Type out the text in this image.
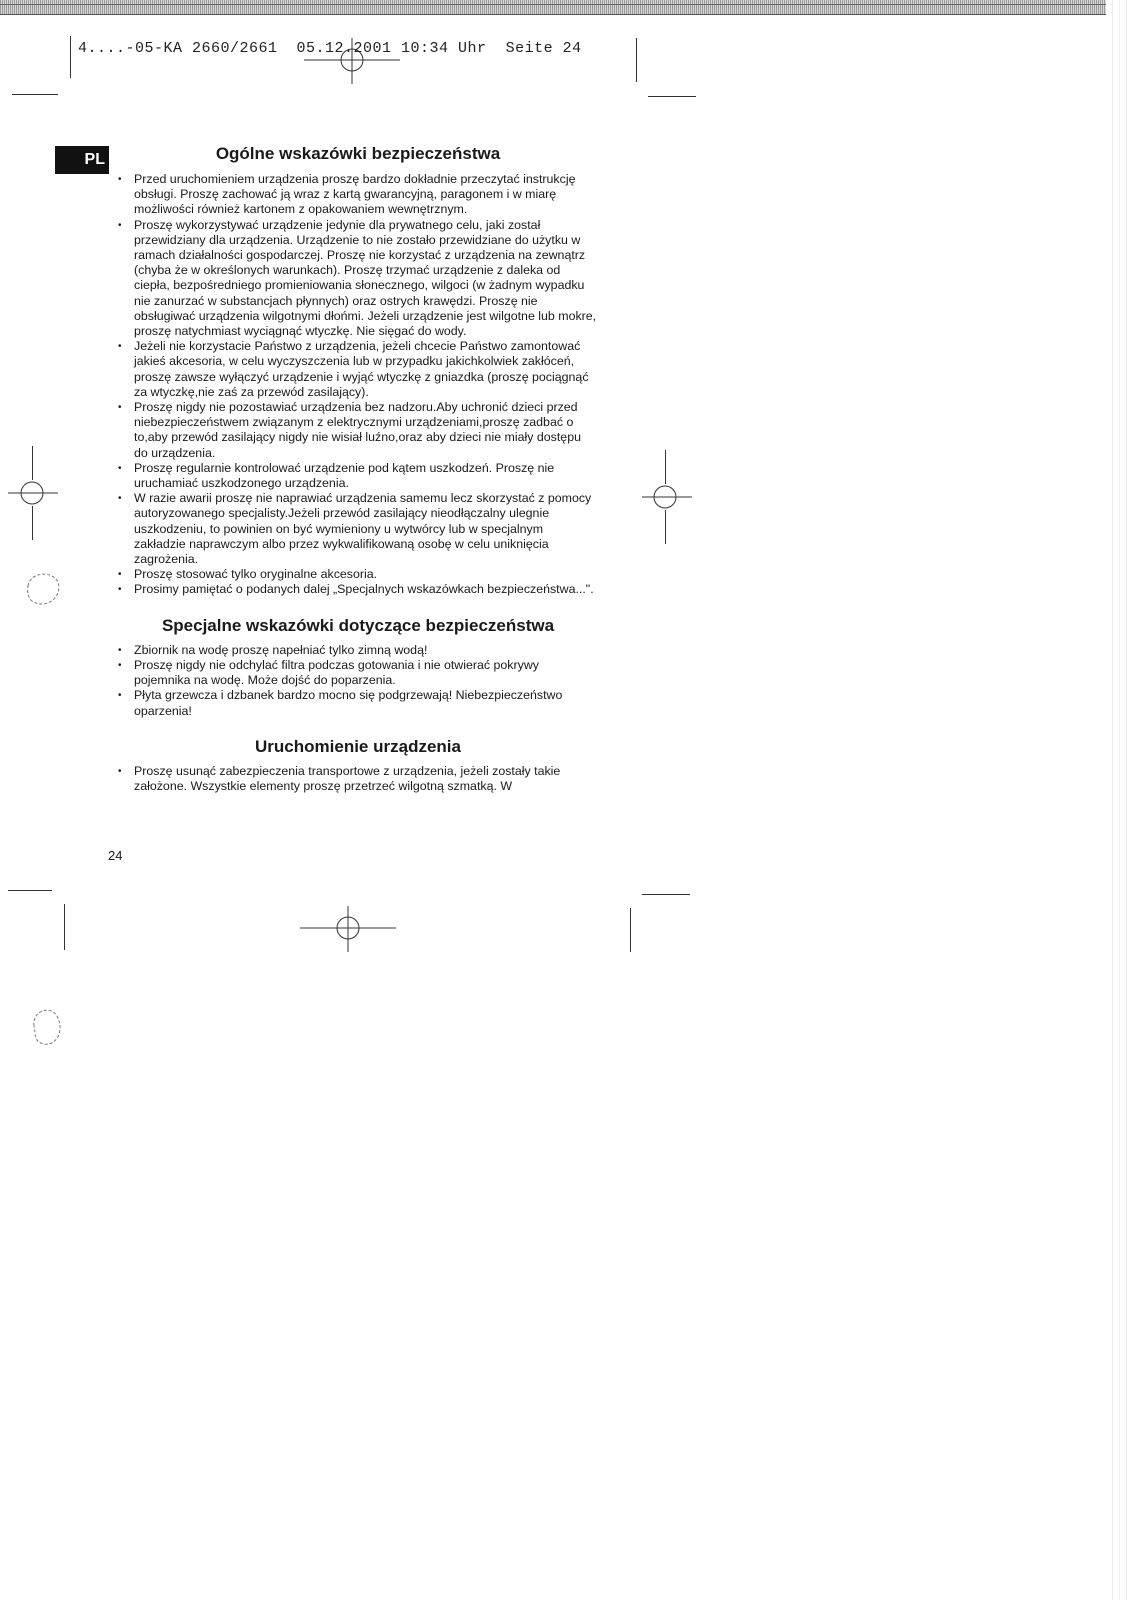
4....-05-KA 2660/2661  05.12.2001 10:34 Uhr  Seite 24
PL	Ogólne wskazówki bezpieczeństwa
•	Przed uruchomieniem urządzenia proszę bardzo dokładnie przeczytać instrukcję obsługi. Proszę zachować ją wraz z kartą gwarancyjną, paragonem i w miarę możliwości również kartonem z opakowaniem wewnętrznym.
•	Proszę wykorzystywać urządzenie jedynie dla prywatnego celu, jaki został przewidziany dla urządzenia. Urządzenie to nie zostało przewidziane do użytku w ramach działalności gospodarczej. Proszę nie korzystać z urządzenia na zewnątrz (chyba że w określonych warunkach). Proszę trzymać urządzenie z daleka od ciepła, bezpośredniego promieniowania słonecznego, wilgoci (w żadnym wypadku nie zanurzać w substancjach płynnych) oraz ostrych krawędzi. Proszę nie obsługiwać urządzenia wilgotnymi dłońmi. Jeżeli urządzenie jest wilgotne lub mokre, proszę natychmiast wyciągnąć wtyczkę. Nie sięgać do wody.
•	Jeżeli nie korzystacie Państwo z urządzenia, jeżeli chcecie Państwo zamontować jakieś akcesoria, w celu wyczyszczenia lub w przypadku jakichkolwiek zakłóceń, proszę zawsze wyłączyć urządzenie i wyjąć wtyczkę z gniazdka (proszę pociągnąć za wtyczkę,nie zaś za przewód zasilający).
•	Proszę nigdy nie pozostawiać urządzenia bez nadzoru.Aby uchronić dzieci przed niebezpieczeństwem związanym z elektrycznymi urządzeniami,proszę zadbać o to,aby przewód zasilający nigdy nie wisiał luźno,oraz aby dzieci nie miały dostępu do urządzenia.
•	Proszę regularnie kontrolować urządzenie pod kątem uszkodzeń. Proszę nie uruchamiać uszkodzonego urządzenia.
•	W razie awarii proszę nie naprawiać urządzenia samemu lecz skorzystać z pomocy autoryzowanego specjalisty.Jeżeli przewód zasilający nieodłączalny ulegnie uszkodzeniu, to powinien on być wymieniony u wytwórcy lub w specjalnym zakładzie naprawczym albo przez wykwalifikowaną osobę w celu uniknięcia zagrożenia.
•	Proszę stosować tylko oryginalne akcesoria.
•	Prosimy pamiętać o podanych dalej „Specjalnych wskazówkach bezpieczeństwa...".
Specjalne wskazówki dotyczące bezpieczeństwa
•	Zbiornik na wodę proszę napełniać tylko zimną wodą!
•	Proszę nigdy nie odchylać filtra podczas gotowania i nie otwierać pokrywy pojemnika na wodę. Może dojść do poparzenia.
•	Płyta grzewcza i dzbanek bardzo mocno się podgrzewają! Niebezpieczeństwo oparzenia!
Uruchomienie urządzenia
•	Proszę usunąć zabezpieczenia transportowe z urządzenia, jeżeli zostały takie założone. Wszystkie elementy proszę przetrzeć wilgotną szmatką. W
24
